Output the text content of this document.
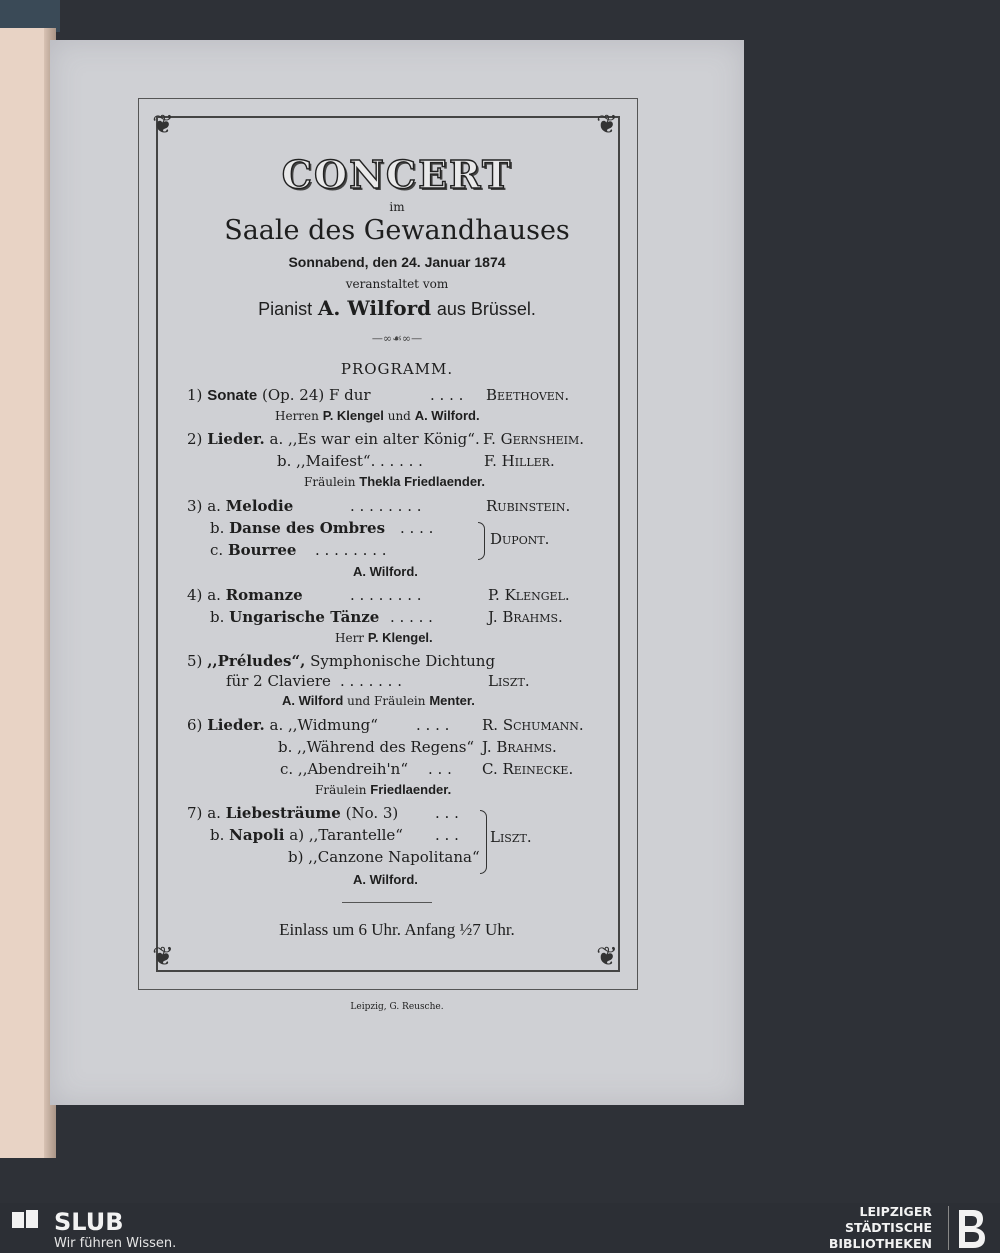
❦	❦
❦	❦
CONCERT
im
Saale des Gewandhauses
Sonnabend, den 24. Januar 1874
veranstaltet vom
Pianist A. Wilford aus Brüssel.
—∞☙∞—
PROGRAMM.
1) Sonate (Op. 24) F dur	. . . . Beethoven.
Herren P. Klengel und A. Wilford.
2) Lieder. a. ,,Es war ein alter König“. F. Gernsheim.
b. ,,Maifest“. . . . . .	F. Hiller.
Fräulein Thekla Friedlaender.
3) a. Melodie	. . . . . . . .	Rubinstein.
b. Danse des Ombres . . . .
c. Bourree . . . . . . . .
Dupont.
A. Wilford.
4) a. Romanze	. . . . . . . .	P. Klengel.
b. Ungarische Tänze . . . . .	J. Brahms.
Herr P. Klengel.
5) ,,Préludes“, Symphonische Dichtung
für 2 Claviere . . . . . . .	Liszt.
A. Wilford und Fräulein Menter.
6) Lieder. a. ,,Widmung“	. . . . R. Schumann.
b. ,,Während des Regens“ J. Brahms.
c. ,,Abendreih'n“ . . . C. Reinecke.
Fräulein Friedlaender.
7) a. Liebesträume (No. 3) . . .
b. Napoli a) ,,Tarantelle“ . . .
b) ,,Canzone Napolitana“
Liszt.
A. Wilford.
Einlass um 6 Uhr. Anfang ½7 Uhr.
Leipzig, G. Reusche.
SLUB
Wir führen Wissen.
LEIPZIGER
STÄDTISCHE
BIBLIOTHEKEN
